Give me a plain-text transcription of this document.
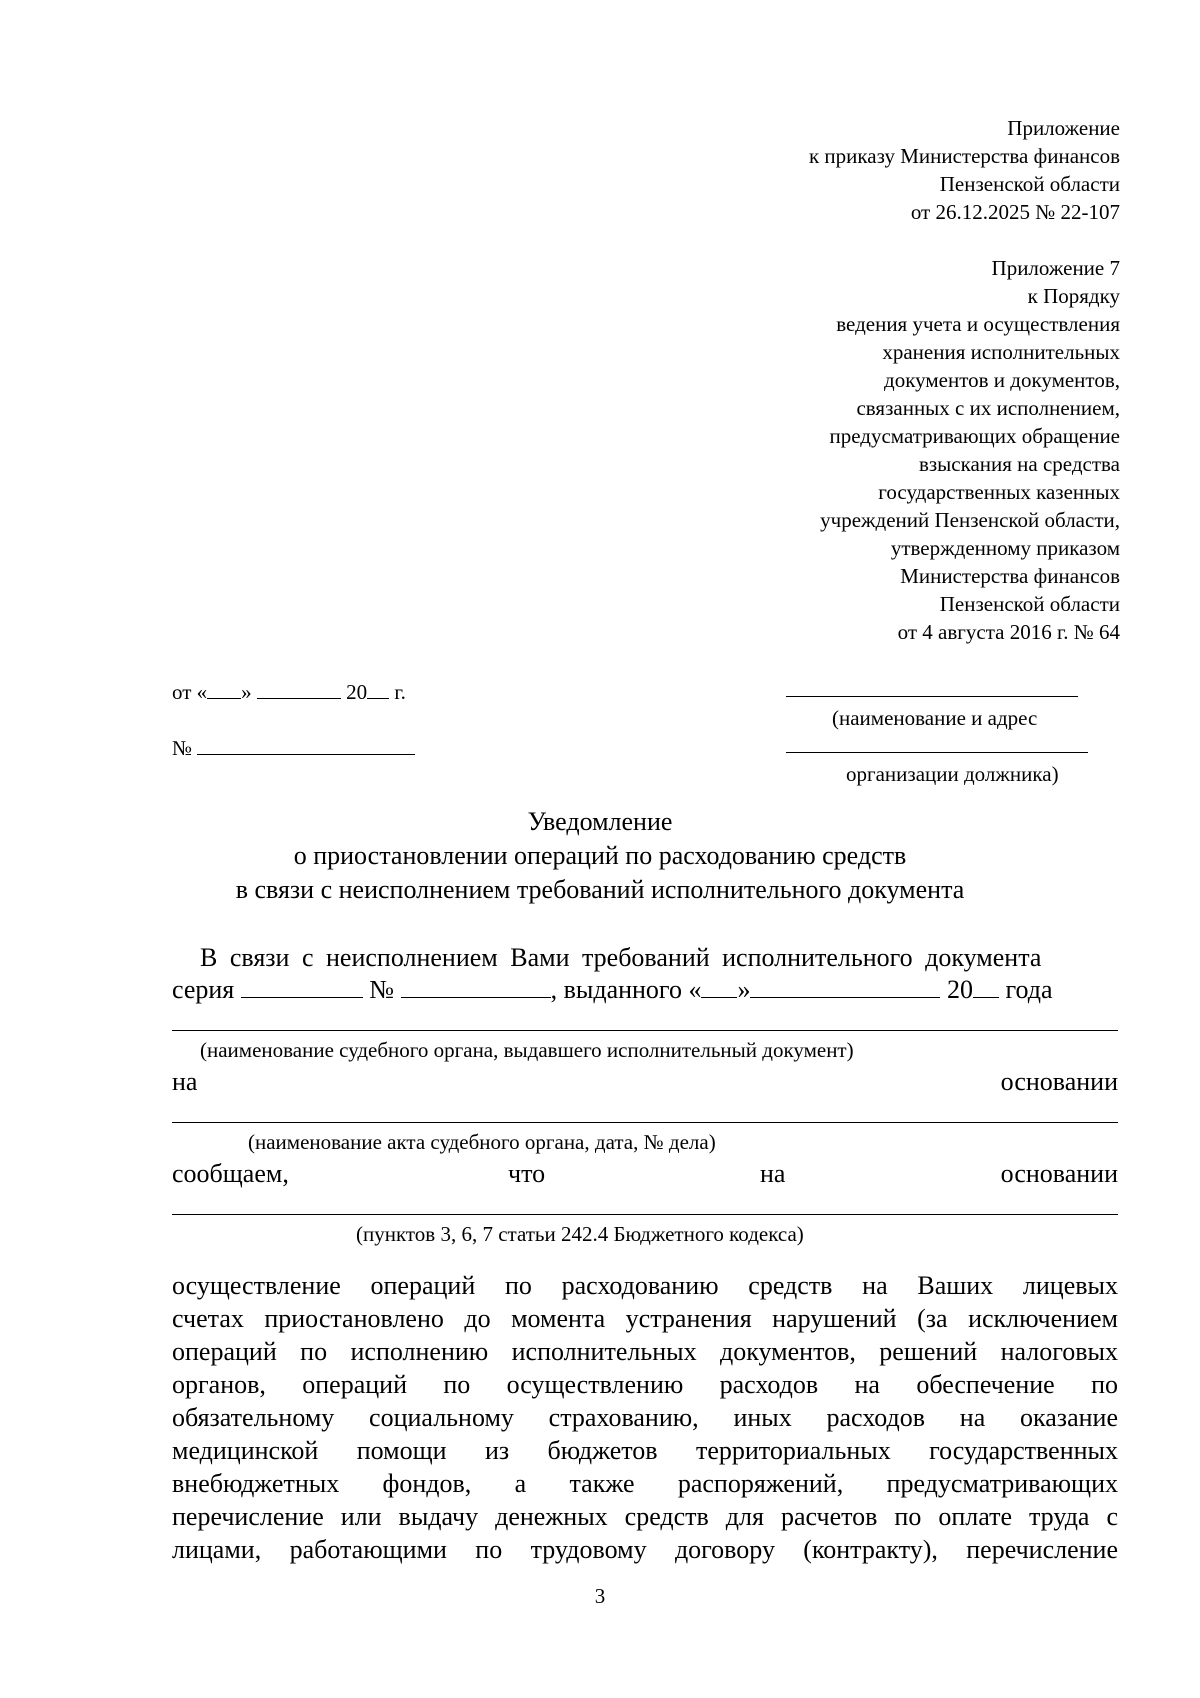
Приложение
к приказу Министерства финансов
Пензенской области
от 26.12.2025 № 22-107
Приложение 7
к Порядку
ведения учета и осуществления
хранения исполнительных
документов и документов,
связанных с их исполнением,
предусматривающих обращение
взыскания на средства
государственных казенных
учреждений Пензенской области,
утвержденному приказом
Министерства финансов
Пензенской области
от 4 августа 2016 г. № 64
от « »	20 г.
№
(наименование и адрес
организации должника)
Уведомление
о приостановлении операций по расходованию средств
в связи с неисполнением требований исполнительного документа
В связи с неисполнением Вами требований исполнительного документа
серия	№	, выданного « »	20 года
(наименование судебного органа, выдавшего исполнительный документ)
на	основании
(наименование акта судебного органа, дата, № дела)
сообщаем,	что	на	основании
(пунктов 3, 6, 7 статьи 242.4 Бюджетного кодекса)
осуществление операций по расходованию средств на Ваших лицевых
счетах приостановлено до момента устранения нарушений (за исключением
операций по исполнению исполнительных документов, решений налоговых
органов, операций по осуществлению расходов на обеспечение по
обязательному социальному страхованию, иных расходов на оказание
медицинской помощи из бюджетов территориальных государственных
внебюджетных фондов, а также распоряжений, предусматривающих
перечисление или выдачу денежных средств для расчетов по оплате труда с
лицами, работающими по трудовому договору (контракту), перечисление
3
